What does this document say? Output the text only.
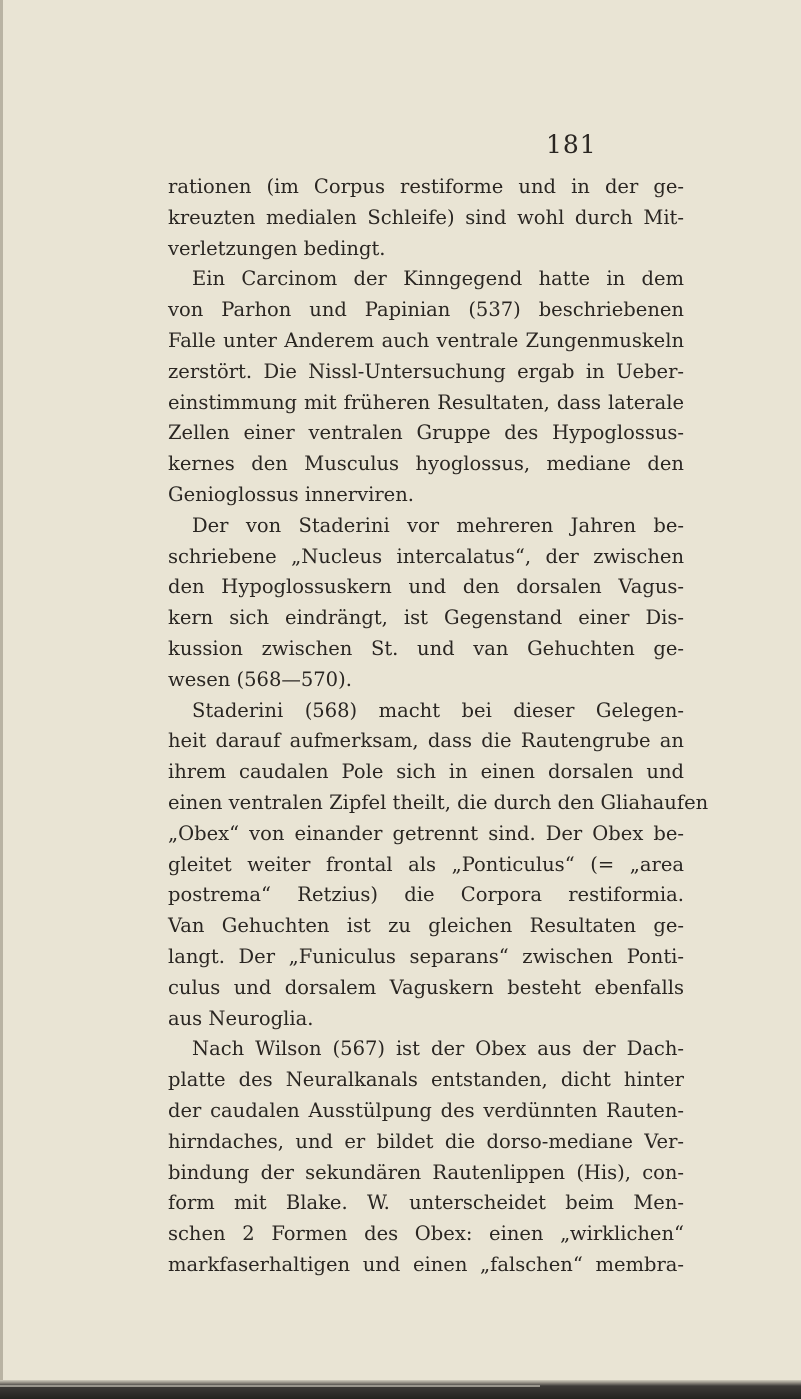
181
rationen (im Corpus restiforme und in der ge-
kreuzten medialen Schleife) sind wohl durch Mit-
verletzungen bedingt.
Ein Carcinom der Kinngegend hatte in dem
von Parhon und Papinian (537) beschriebenen
Falle unter Anderem auch ventrale Zungenmuskeln
zerstört. Die Nissl-Untersuchung ergab in Ueber-
einstimmung mit früheren Resultaten, dass laterale
Zellen einer ventralen Gruppe des Hypoglossus-
kernes den Musculus hyoglossus, mediane den
Genioglossus innerviren.
Der von Staderini vor mehreren Jahren be-
schriebene „Nucleus intercalatus“, der zwischen
den Hypoglossuskern und den dorsalen Vagus-
kern sich eindrängt, ist Gegenstand einer Dis-
kussion zwischen St. und van Gehuchten ge-
wesen (568—570).
Staderini (568) macht bei dieser Gelegen-
heit darauf aufmerksam, dass die Rautengrube an
ihrem caudalen Pole sich in einen dorsalen und
einen ventralen Zipfel theilt, die durch den Gliahaufen
„Obex“ von einander getrennt sind. Der Obex be-
gleitet weiter frontal als „Ponticulus“ (= „area
postrema“ Retzius) die Corpora restiformia.
Van Gehuchten ist zu gleichen Resultaten ge-
langt. Der „Funiculus separans“ zwischen Ponti-
culus und dorsalem Vaguskern besteht ebenfalls
aus Neuroglia.
Nach Wilson (567) ist der Obex aus der Dach-
platte des Neuralkanals entstanden, dicht hinter
der caudalen Ausstülpung des verdünnten Rauten-
hirndaches, und er bildet die dorso-mediane Ver-
bindung der sekundären Rautenlippen (His), con-
form mit Blake. W. unterscheidet beim Men-
schen 2 Formen des Obex: einen „wirklichen“
markfaserhaltigen und einen „falschen“ membra-
